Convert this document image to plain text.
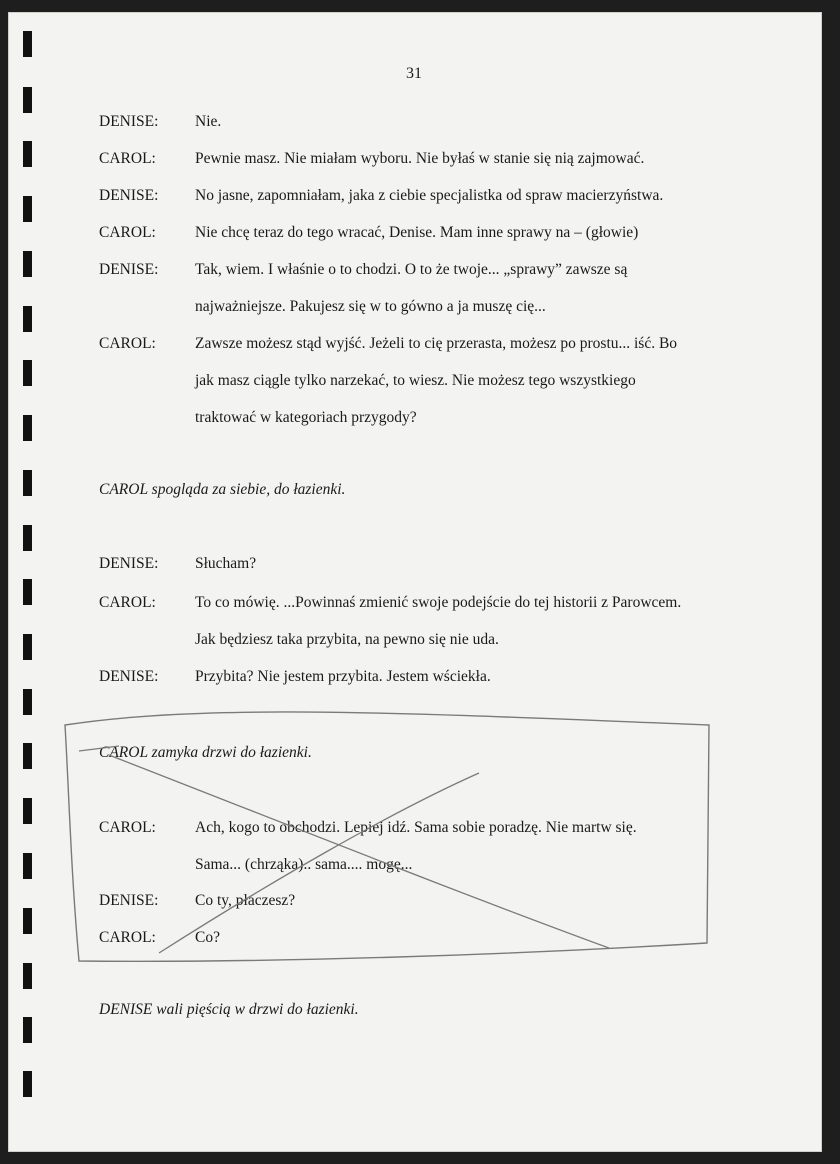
31
DENISE: Nie.
CAROL:	Pewnie masz. Nie miałam wyboru. Nie byłaś w stanie się nią zajmować.
DENISE: No jasne, zapomniałam, jaka z ciebie specjalistka od spraw macierzyństwa.
CAROL:	Nie chcę teraz do tego wracać, Denise. Mam inne sprawy na – (głowie)
DENISE: Tak, wiem. I właśnie o to chodzi. O to że twoje... „sprawy” zawsze są
najważniejsze. Pakujesz się w to gówno a ja muszę cię...
CAROL:	Zawsze możesz stąd wyjść. Jeżeli to cię przerasta, możesz po prostu... iść. Bo
jak masz ciągle tylko narzekać, to wiesz. Nie możesz tego wszystkiego
traktować w kategoriach przygody?
CAROL spogląda za siebie, do łazienki.
DENISE: Słucham?
CAROL:	To co mówię. ...Powinnaś zmienić swoje podejście do tej historii z Parowcem.
Jak będziesz taka przybita, na pewno się nie uda.
DENISE: Przybita? Nie jestem przybita. Jestem wściekła.
CAROL zamyka drzwi do łazienki.
CAROL:	Ach, kogo to obchodzi. Lepiej idź. Sama sobie poradzę. Nie martw się.
Sama... (chrząka).. sama.... mogę...
DENISE: Co ty, płaczesz?
CAROL:	Co?
DENISE wali pięścią w drzwi do łazienki.
